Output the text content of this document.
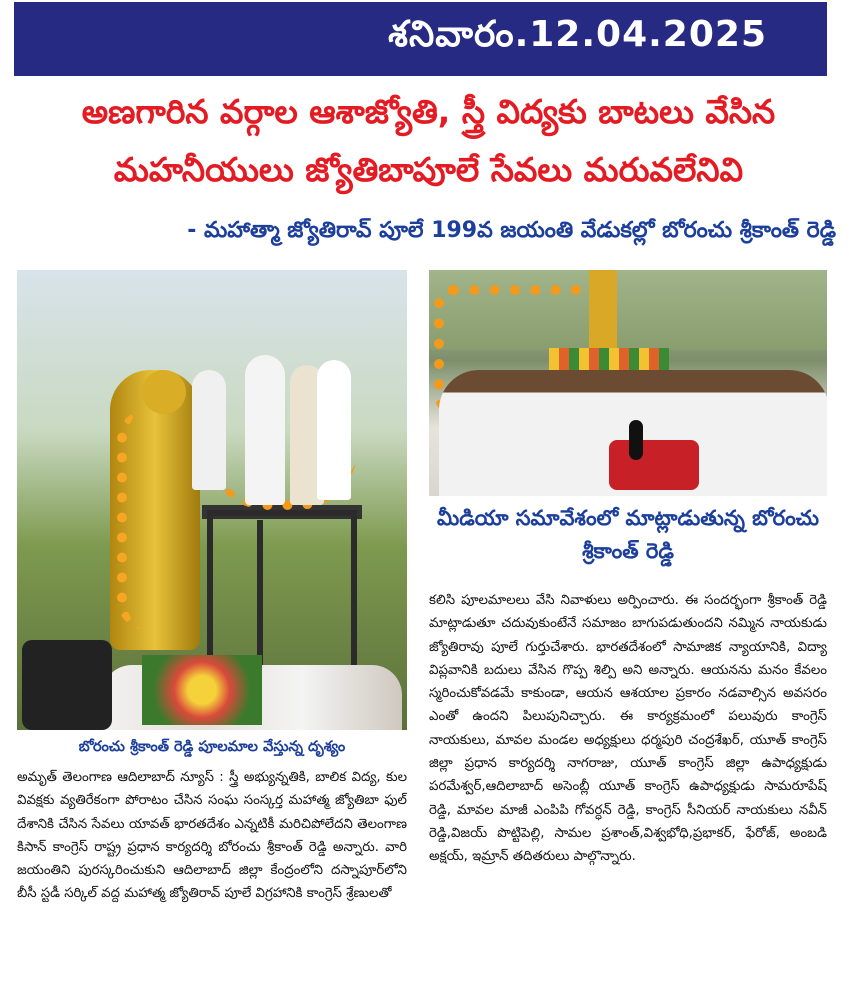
శనివారం.12.04.2025
అణగారిన వర్గాల ఆశాజ్యోతి, స్త్రీ విద్యకు బాటలు వేసిన
మహనీయులు జ్యోతిబాపూలే సేవలు మరువలేనివి
- మహాత్మా జ్యోతిరావ్ పూలే 199వ జయంతి వేడుకల్లో బోరంచు శ్రీకాంత్ రెడ్డి
బోరంచు శ్రీకాంత్ రెడ్డి పూలమాల వేస్తున్న దృశ్యం
మీడియా సమావేశంలో మాట్లాడుతున్న బోరంచు శ్రీకాంత్ రెడ్డి
అమృత్ తెలంగాణ ఆదిలాబాద్ న్యూస్ : స్త్రీ అభ్యున్నతికి, బాలిక విద్య, కుల వివక్షకు వ్యతిరేకంగా పోరాటం చేసిన సంఘ సంస్కర్త మహాత్మ జ్యోతిబా ఫుల్ దేశానికి చేసిన సేవలు యావత్ భారతదేశం ఎన్నటికీ మరిచిపోలేదని తెలంగాణ కిసాన్ కాంగ్రెస్ రాష్ట్ర ప్రధాన కార్యదర్శి బోరంచు శ్రీకాంత్ రెడ్డి అన్నారు. వారి జయంతిని పురస్కరించుకుని ఆదిలాబాద్ జిల్లా కేంద్రంలోని దస్నాపూర్‌లోని బీసీ స్టడీ సర్కిల్ వద్ద మహాత్మ జ్యోతిరావ్ పూలే విగ్రహానికి కాంగ్రెస్ శ్రేణులతో
కలిసి పూలమాలలు వేసి నివాళులు అర్పించారు. ఈ సందర్భంగా శ్రీకాంత్ రెడ్డి మాట్లాడుతూ చదువుకుంటేనే సమాజం బాగుపడుతుందని నమ్మిన నాయకుడు జ్యోతిరావు పూలే గుర్తుచేశారు. భారతదేశంలో సామాజిక న్యాయానికి, విద్యా విప్లవానికి బదులు వేసిన గొప్ప శిల్పి అని అన్నారు. ఆయనను మనం కేవలం స్మరించుకోవడమే కాకుండా, ఆయన ఆశయాల ప్రకారం నడవాల్సిన అవసరం ఎంతో ఉందని పిలుపునిచ్చారు. ఈ కార్యక్రమంలో పలువురు కాంగ్రెస్ నాయకులు, మావల మండల అధ్యక్షులు ధర్మపురి చంద్రశేఖర్, యూత్ కాంగ్రెస్ జిల్లా ప్రధాన కార్యదర్శి నాగరాజు, యూత్ కాంగ్రెస్ జిల్లా ఉపాధ్యక్షుడు పరమేశ్వర్,ఆదిలాబాద్ అసెంబ్లీ యూత్ కాంగ్రెస్ ఉపాధ్యక్షుడు సామరూపేష్ రెడ్డి, మావల మాజీ ఎంపిపి గోవర్ధన్ రెడ్డి, కాంగ్రెస్ సీనియర్ నాయకులు నవీన్ రెడ్డి,విజయ్ పొట్టిపెల్లి, సామల ప్రశాంత్,విశ్వభోధి,ప్రభాకర్, ఫేరోజ్, అంబడి అక్షయ్, ఇమ్రాన్ తదితరులు పాల్గొన్నారు.
